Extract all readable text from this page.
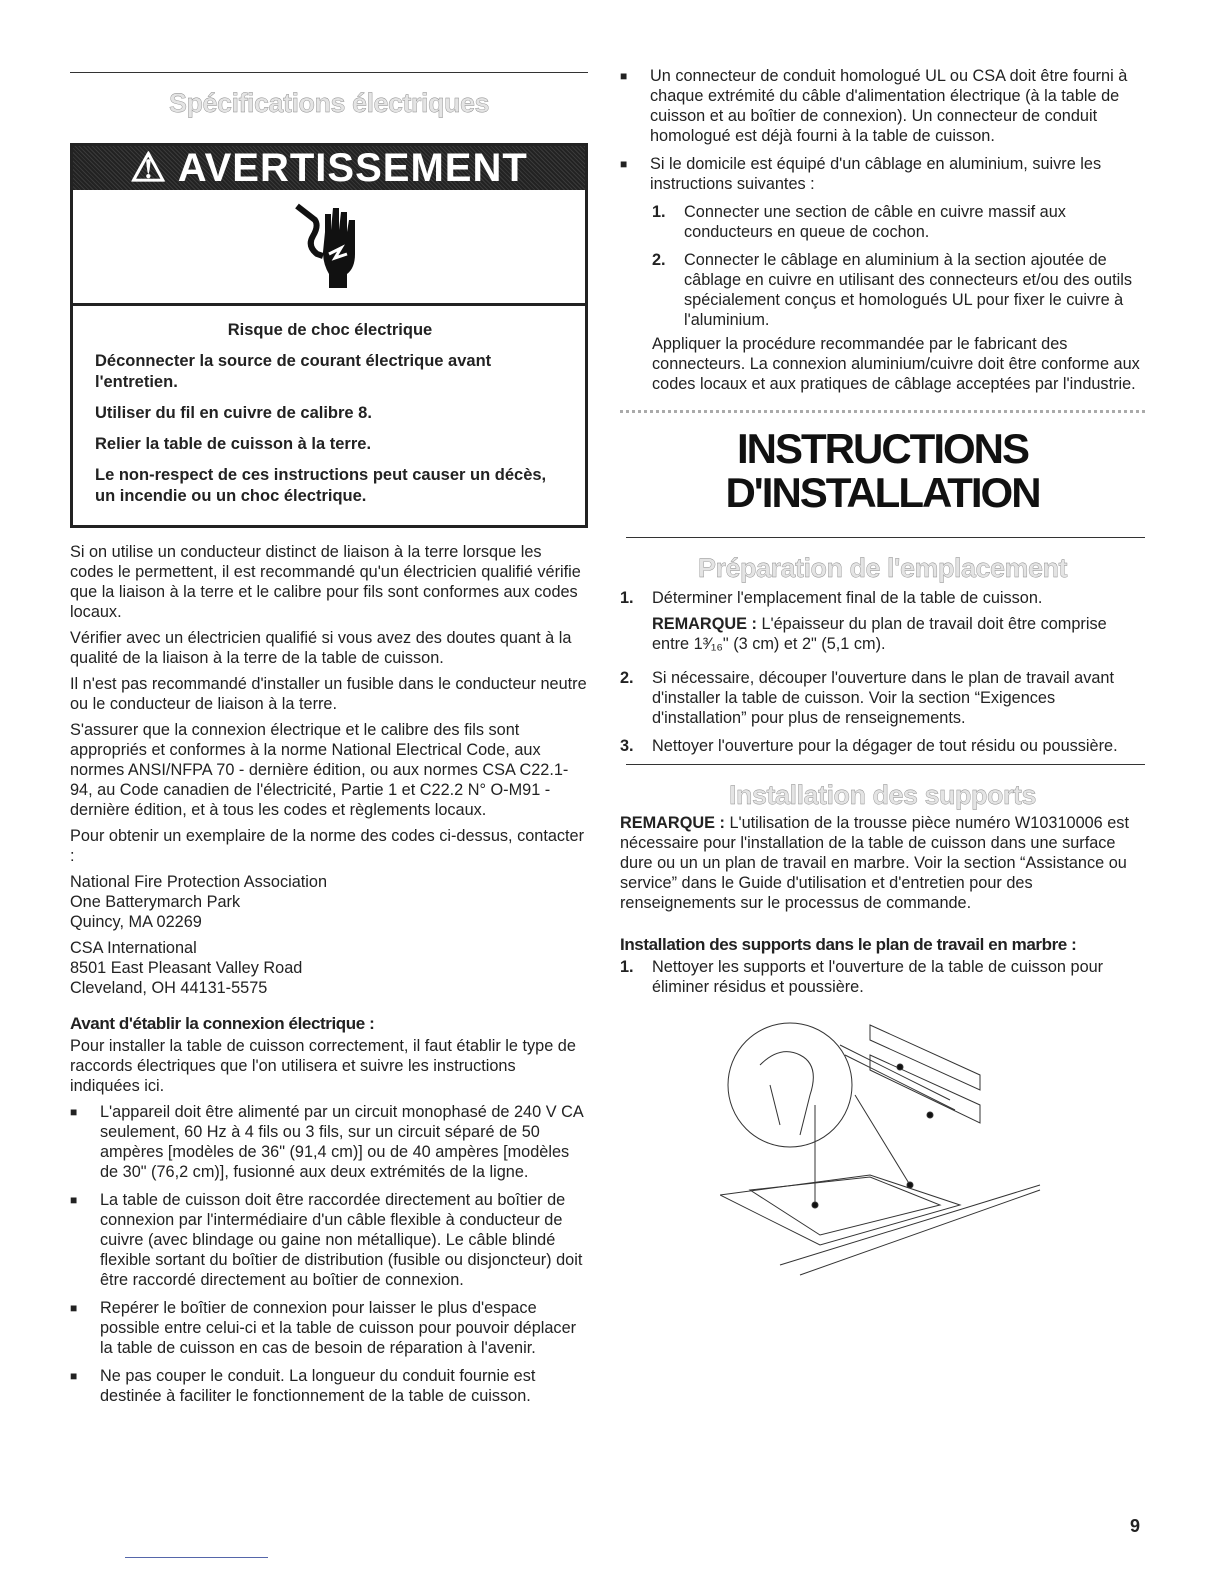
Spécifications électriques
⚠ AVERTISSEMENT

Risque de choc électrique

Déconnecter la source de courant électrique avant l'entretien.

Utiliser du fil en cuivre de calibre 8.

Relier la table de cuisson à la terre.

Le non-respect de ces instructions peut causer un décès, un incendie ou un choc électrique.

Si on utilise un conducteur distinct de liaison à la terre lorsque les codes le permettent, il est recommandé qu'un électricien qualifié vérifie que la liaison à la terre et le calibre pour fils sont conformes aux codes locaux.

Vérifier avec un électricien qualifié si vous avez des doutes quant à la qualité de la liaison à la terre de la table de cuisson.

Il n'est pas recommandé d'installer un fusible dans le conducteur neutre ou le conducteur de liaison à la terre.

S'assurer que la connexion électrique et le calibre des fils sont appropriés et conformes à la norme National Electrical Code, aux normes ANSI/NFPA 70 - dernière édition, ou aux normes CSA C22.1-94, au Code canadien de l'électricité, Partie 1 et C22.2 N° O-M91 - dernière édition, et à tous les codes et règlements locaux.

Pour obtenir un exemplaire de la norme des codes ci-dessus, contacter :

National Fire Protection Association
One Batterymarch Park
Quincy, MA 02269

CSA International
8501 East Pleasant Valley Road
Cleveland, OH 44131-5575

Avant d'établir la connexion électrique :

Pour installer la table de cuisson correctement, il faut établir le type de raccords électriques que l'on utilisera et suivre les instructions indiquées ici.

■	L'appareil doit être alimenté par un circuit monophasé de 240 V CA seulement, 60 Hz à 4 fils ou 3 fils, sur un circuit séparé de 50 ampères [modèles de 36" (91,4 cm)] ou de 40 ampères [modèles de 30" (76,2 cm)], fusionné aux deux extrémités de la ligne.
■	La table de cuisson doit être raccordée directement au boîtier de connexion par l'intermédiaire d'un câble flexible à conducteur de cuivre (avec blindage ou gaine non métallique). Le câble blindé flexible sortant du boîtier de distribution (fusible ou disjoncteur) doit être raccordé directement au boîtier de connexion.
■	Repérer le boîtier de connexion pour laisser le plus d'espace possible entre celui-ci et la table de cuisson pour pouvoir déplacer la table de cuisson en cas de besoin de réparation à l'avenir.
■	Ne pas couper le conduit. La longueur du conduit fournie est destinée à faciliter le fonctionnement de la table de cuisson.
■	Un connecteur de conduit homologué UL ou CSA doit être fourni à chaque extrémité du câble d'alimentation électrique (à la table de cuisson et au boîtier de connexion). Un connecteur de conduit homologué est déjà fourni à la table de cuisson.
■	Si le domicile est équipé d'un câblage en aluminium, suivre les instructions suivantes :
1.	Connecter une section de câble en cuivre massif aux conducteurs en queue de cochon.
2.	Connecter le câblage en aluminium à la section ajoutée de câblage en cuivre en utilisant des connecteurs et/ou des outils spécialement conçus et homologués UL pour fixer le cuivre à l'aluminium.

Appliquer la procédure recommandée par le fabricant des connecteurs. La connexion aluminium/cuivre doit être conforme aux codes locaux et aux pratiques de câblage acceptées par l'industrie.

INSTRUCTIONS
D'INSTALLATION
Préparation de l'emplacement
1.	Déterminer l'emplacement final de la table de cuisson.

REMARQUE : L'épaisseur du plan de travail doit être comprise entre 1³⁄₁₆" (3 cm) et 2" (5,1 cm).

2.	Si nécessaire, découper l'ouverture dans le plan de travail avant d'installer la table de cuisson. Voir la section “Exigences d'installation” pour plus de renseignements.
3.	Nettoyer l'ouverture pour la dégager de tout résidu ou poussière.
Installation des supports

REMARQUE : L'utilisation de la trousse pièce numéro W10310006 est nécessaire pour l'installation de la table de cuisson dans une surface dure ou un un plan de travail en marbre. Voir la section “Assistance ou service” dans le Guide d'utilisation et d'entretien pour des renseignements sur le processus de commande.

Installation des supports dans le plan de travail en marbre :
1.	Nettoyer les supports et l'ouverture de la table de cuisson pour éliminer résidus et poussière.
9
